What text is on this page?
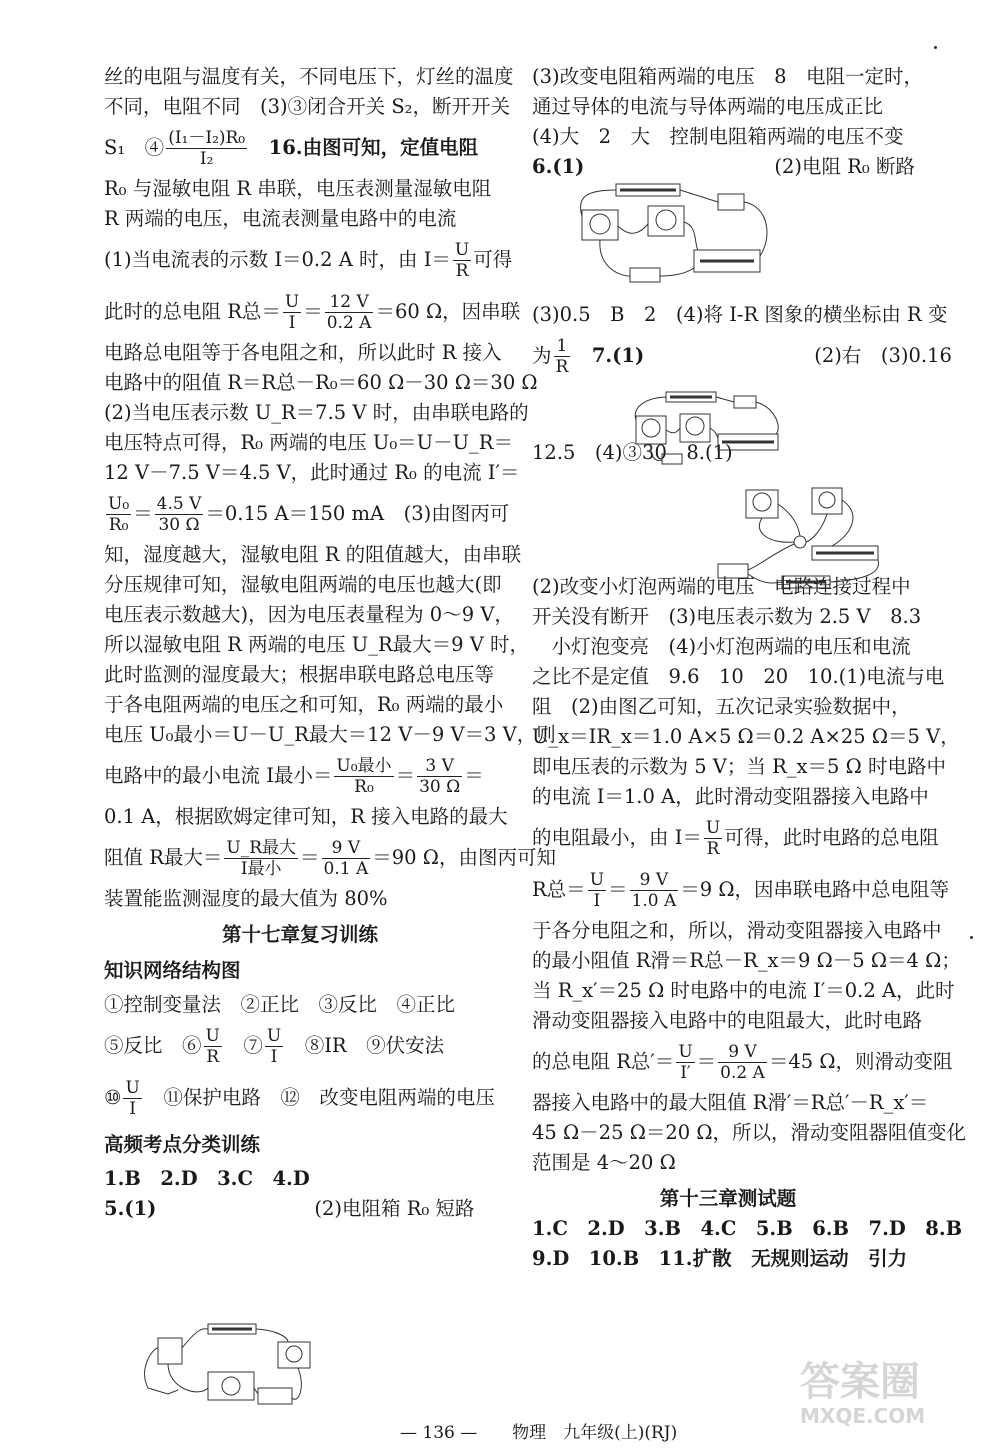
丝的电阻与温度有关，不同电压下，灯丝的温度

不同，电阻不同　(3)③闭合开关 S₂，断开开关

S₁　④ $\frac{\text{(I₁－I₂)R₀}}{\text{I₂}}$ 　16.由图可知，定值电阻

R₀ 与湿敏电阻 R 串联，电压表测量湿敏电阻

R 两端的电压，电流表测量电路中的电流

(1)当电流表的示数 I＝0.2 A 时，由 $I= \frac{U}{R}$ 可得

此时的总电阻 R总＝ $\frac{U}{I} = \frac{12 V}{0.2 A} =60$ Ω，因串联

电路总电阻等于各电阻之和，所以此时 R 接入

电路中的阻值 R＝R总－R₀＝60 Ω－30 Ω＝30 Ω

(2)当电压表示数 U_R＝7.5 V 时，由串联电路的

电压特点可得，R₀ 两端的电压 U₀＝U－U_R＝

12 V－7.5 V＝4.5 V，此时通过 R₀ 的电流 I′＝

$\frac{\text{U₀}}{\text{R₀}} = \frac{4.5 V}{30 \Omega} =0.15$ A＝150 mA　(3)由图丙可

知，湿度越大，湿敏电阻 R 的阻值越大，由串联

分压规律可知，湿敏电阻两端的电压也越大(即

电压表示数越大)，因为电压表量程为 0～9 V，

所以湿敏电阻 R 两端的电压 U_R最大＝9 V 时，

此时监测的湿度最大；根据串联电路总电压等

于各电阻两端的电压之和可知，R₀ 两端的最小

电压 U₀最小＝U－U_R最大＝12 V－9 V＝3 V，则

电路中的最小电流 I最小＝ $\frac{\text{U₀最小}}{\text{R₀}} = \frac{3 V}{30 \Omega}$ ＝

0.1 A，根据欧姆定律可知，R 接入电路的最大

阻值 R最大＝ $\frac{\text{U\_R最大}}{\text{I最小}} = \frac{9 V}{0.1 A} =90$ Ω，由图丙可知

装置能监测湿度的最大值为 80%

第十七章复习训练

知识网络结构图

①控制变量法　②正比　③反比　④正比

⑤反比　⑥ $\frac{U}{R}$ 　⑦ $\frac{U}{I}$ 　⑧IR　⑨伏安法

⑩ $\frac{U}{I}$ 　⑪保护电路　⑫　改变电阻两端的电压

高频考点分类训练

1.B　2.D　3.C　4.D

5.(1)	(2)电阻箱 R₀ 短路

(3)改变电阻箱两端的电压　8　电阻一定时，

通过导体的电流与导体两端的电压成正比

(4)大　2　大　控制电阻箱两端的电压不变

6.(1)	(2)电阻 R₀ 断路

(3)0.5　B　2　(4)将 I-R 图象的横坐标由 R 变

为 $\frac{1}{R}$ 　7.(1)	(2)右　(3)0.16

12.5　(4)③30　8.(1)

(2)改变小灯泡两端的电压　电路连接过程中

开关没有断开　(3)电压表示数为 2.5 V　8.3

　小灯泡变亮　(4)小灯泡两端的电压和电流

之比不是定值　9.6　10　20　10.(1)电流与电

阻　(2)由图乙可知，五次记录实验数据中，

U_x＝IR_x＝1.0 A×5 Ω＝0.2 A×25 Ω＝5 V，

即电压表的示数为 5 V；当 R_x＝5 Ω 时电路中

的电流 I＝1.0 A，此时滑动变阻器接入电路中

的电阻最小，由 $I= \frac{U}{R}$ 可得，此时电路的总电阻

R总＝ $\frac{U}{I} = \frac{9 V}{1.0 A} =9$ Ω，因串联电路中总电阻等

于各分电阻之和，所以，滑动变阻器接入电路中

的最小阻值 R滑＝R总－R_x＝9 Ω－5 Ω＝4 Ω；

当 R_x′＝25 Ω 时电路中的电流 I′＝0.2 A，此时

滑动变阻器接入电路中的电阻最大，此时电路

的总电阻 R总′＝ $\frac{U}{I'} = \frac{9 V}{0.2 A} =45$ Ω，则滑动变阻

器接入电路中的最大阻值 R滑′＝R总′－R_x′＝

45 Ω－25 Ω＝20 Ω，所以，滑动变阻器阻值变化

范围是 4～20 Ω

第十三章测试题

1.C　2.D　3.B　4.C　5.B　6.B　7.D　8.B

9.D　10.B　11.扩散　无规则运动　引力

— 136 — 物理　九年级(上)(RJ)
答案圈
MXQE.COM
